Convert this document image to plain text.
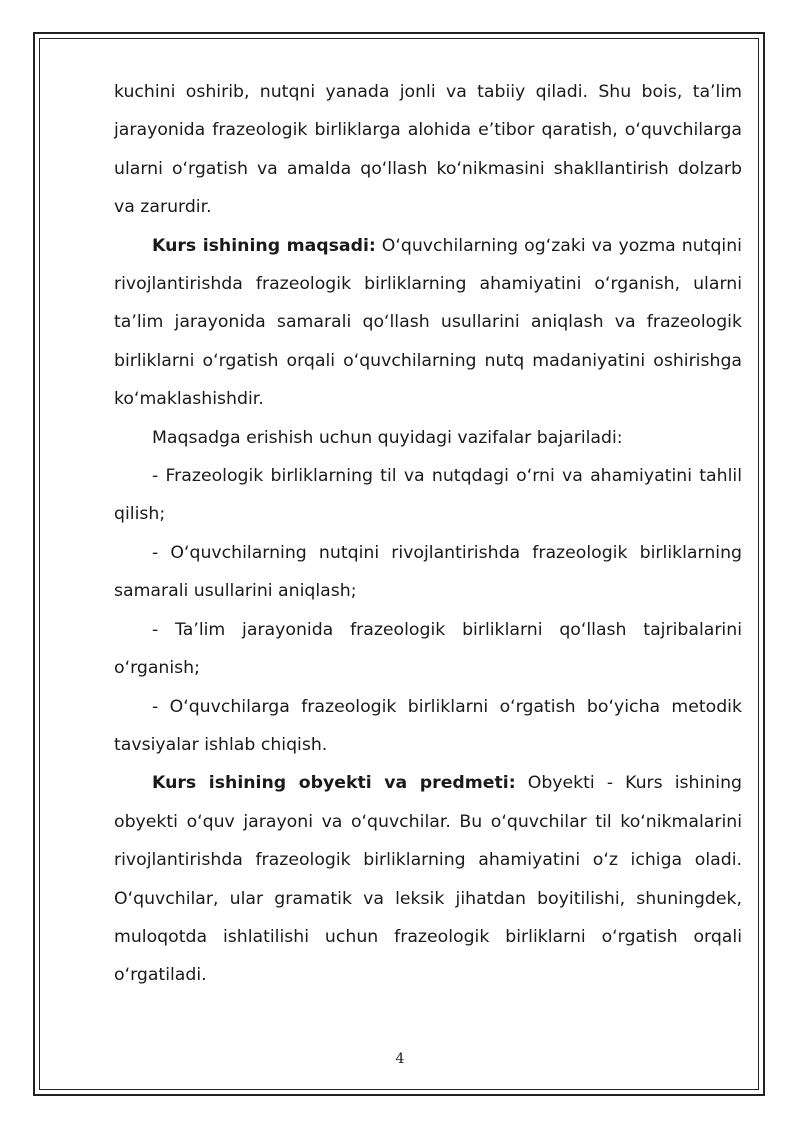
kuchini oshirib, nutqni yanada jonli va tabiiy qiladi. Shu bois, ta’lim jarayonida frazeologik birliklarga alohida e’tibor qaratish, o‘quvchilarga ularni o‘rgatish va amalda qo‘llash ko‘nikmasini shakllantirish dolzarb va zarurdir.

Kurs ishining maqsadi: O‘quvchilarning og‘zaki va yozma nutqini rivojlantirishda frazeologik birliklarning ahamiyatini o‘rganish, ularni ta’lim jarayonida samarali qo‘llash usullarini aniqlash va frazeologik birliklarni o‘rgatish orqali o‘quvchilarning nutq madaniyatini oshirishga ko‘maklashishdir.

Maqsadga erishish uchun quyidagi vazifalar bajariladi:

- Frazeologik birliklarning til va nutqdagi o‘rni va ahamiyatini tahlil qilish;

- O‘quvchilarning nutqini rivojlantirishda frazeologik birliklarning samarali usullarini aniqlash;

- Ta’lim jarayonida frazeologik birliklarni qo‘llash tajribalarini o‘rganish;

- O‘quvchilarga frazeologik birliklarni o‘rgatish bo‘yicha metodik tavsiyalar ishlab chiqish.

Kurs ishining obyekti va predmeti: Obyekti - Kurs ishining obyekti o‘quv jarayoni va o‘quvchilar. Bu o‘quvchilar til ko‘nikmalarini rivojlantirishda frazeologik birliklarning ahamiyatini o‘z ichiga oladi. O‘quvchilar, ular gramatik va leksik jihatdan boyitilishi, shuningdek, muloqotda ishlatilishi uchun frazeologik birliklarni o‘rgatish orqali o‘rgatiladi.

4
